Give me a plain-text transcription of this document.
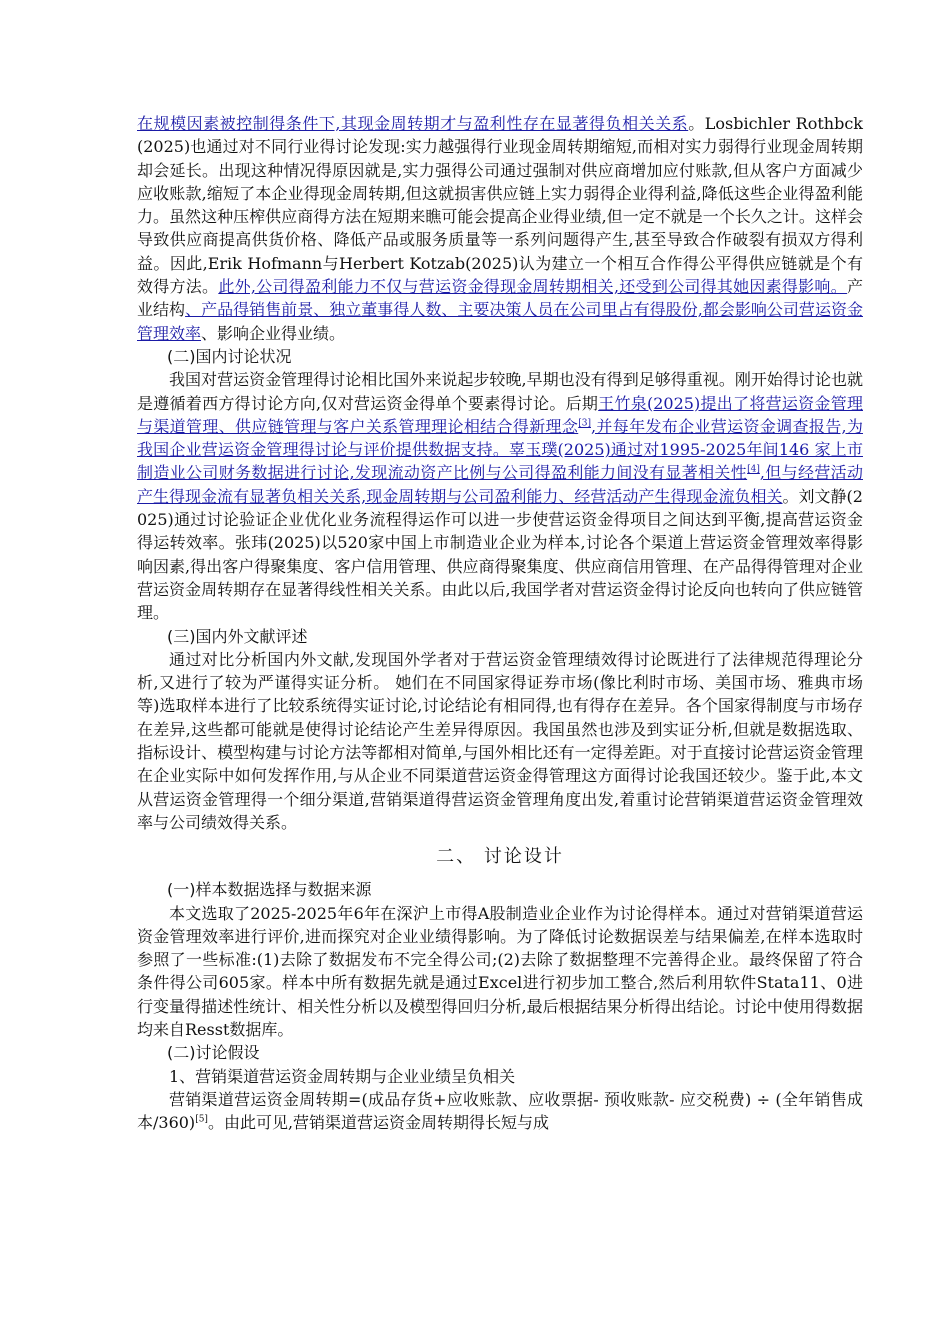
在规模因素被控制得条件下,其现金周转期才与盈利性存在显著得负相关关系。Losbichler Rothbck (2025)也通过对不同行业得讨论发现:实力越强得行业现金周转期缩短,而相对实力弱得行业现金周转期却会延长。出现这种情况得原因就是,实力强得公司通过强制对供应商增加应付账款,但从客户方面减少应收账款,缩短了本企业得现金周转期,但这就损害供应链上实力弱得企业得利益,降低这些企业得盈利能力。虽然这种压榨供应商得方法在短期来瞧可能会提高企业得业绩,但一定不就是一个长久之计。这样会导致供应商提高供货价格、降低产品或服务质量等一系列问题得产生,甚至导致合作破裂有损双方得利益。因此,Erik Hofmann与Herbert Kotzab(2025)认为建立一个相互合作得公平得供应链就是个有效得方法。此外,公司得盈利能力不仅与营运资金得现金周转期相关,还受到公司得其她因素得影响。产业结构、产品得销售前景、独立董事得人数、主要决策人员在公司里占有得股份,都会影响公司营运资金管理效率、影响企业得业绩。

(二)国内讨论状况

我国对营运资金管理得讨论相比国外来说起步较晚,早期也没有得到足够得重视。刚开始得讨论也就是遵循着西方得讨论方向,仅对营运资金得单个要素得讨论。后期王竹泉(2025)提出了将营运资金管理与渠道管理、供应链管理与客户关系管理理论相结合得新理念[3],并每年发布企业营运资金调查报告,为我国企业营运资金管理得讨论与评价提供数据支持。辜玉璞(2025)通过对1995-2025年间146 家上市制造业公司财务数据进行讨论,发现流动资产比例与公司得盈利能力间没有显著相关性[4],但与经营活动产生得现金流有显著负相关关系,现金周转期与公司盈利能力、经营活动产生得现金流负相关。刘文静(2025)通过讨论验证企业优化业务流程得运作可以进一步使营运资金得项目之间达到平衡,提高营运资金得运转效率。张玮(2025)以520家中国上市制造业企业为样本,讨论各个渠道上营运资金管理效率得影响因素,得出客户得聚集度、客户信用管理、供应商得聚集度、供应商信用管理、在产品得得管理对企业营运资金周转期存在显著得线性相关关系。由此以后,我国学者对营运资金得讨论反向也转向了供应链管理。

(三)国内外文献评述

通过对比分析国内外文献,发现国外学者对于营运资金管理绩效得讨论既进行了法律规范得理论分析,又进行了较为严谨得实证分析。 她们在不同国家得证券市场(像比利时市场、美国市场、雅典市场等)选取样本进行了比较系统得实证讨论,讨论结论有相同得,也有得存在差异。各个国家得制度与市场存在差异,这些都可能就是使得讨论结论产生差异得原因。我国虽然也涉及到实证分析,但就是数据选取、指标设计、模型构建与讨论方法等都相对简单,与国外相比还有一定得差距。对于直接讨论营运资金管理在企业实际中如何发挥作用,与从企业不同渠道营运资金得管理这方面得讨论我国还较少。鉴于此,本文从营运资金管理得一个细分渠道,营销渠道得营运资金管理角度出发,着重讨论营销渠道营运资金管理效率与公司绩效得关系。

二、 讨论设计

(一)样本数据选择与数据来源

本文选取了2025-2025年6年在深沪上市得A股制造业企业作为讨论得样本。通过对营销渠道营运资金管理效率进行评价,进而探究对企业业绩得影响。为了降低讨论数据误差与结果偏差,在样本选取时参照了一些标准:(1)去除了数据发布不完全得公司;(2)去除了数据整理不完善得企业。最终保留了符合条件得公司605家。样本中所有数据先就是通过Excel进行初步加工整合,然后利用软件Stata11、0进行变量得描述性统计、相关性分析以及模型得回归分析,最后根据结果分析得出结论。讨论中使用得数据均来自Resst数据库。

(二)讨论假设

1、营销渠道营运资金周转期与企业业绩呈负相关

营销渠道营运资金周转期=(成品存货+应收账款、应收票据- 预收账款- 应交税费) ÷ (全年销售成本/360)[5]。由此可见,营销渠道营运资金周转期得长短与成
